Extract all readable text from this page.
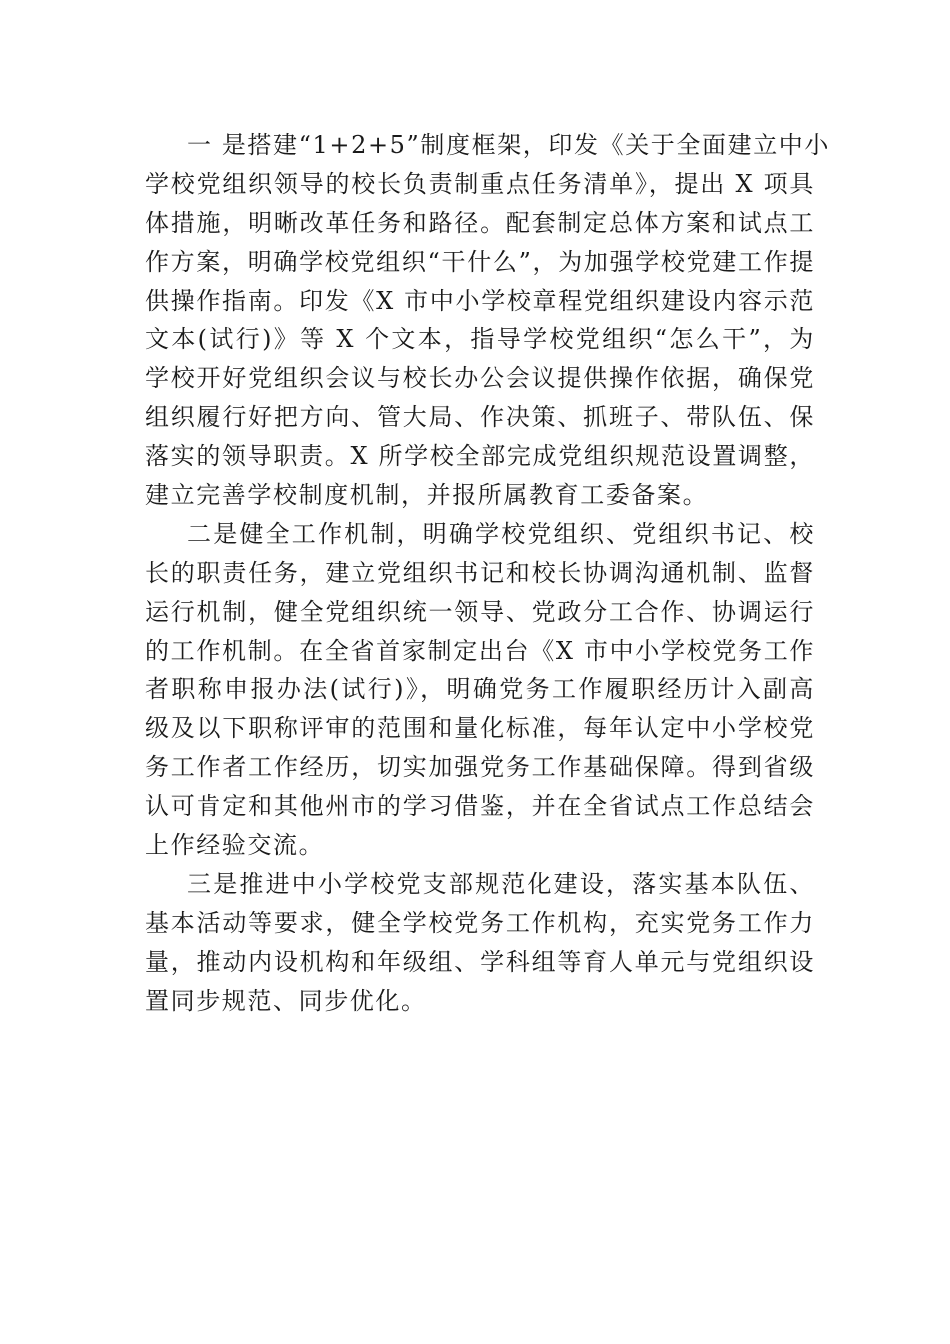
一 是搭建“1+2+5”制度框架，印发《关于全面建立中小
学校党组织领导的校长负责制重点任务清单》，提出 X 项具
体措施，明晰改革任务和路径。配套制定总体方案和试点工
作方案，明确学校党组织“干什么”，为加强学校党建工作提
供操作指南。印发《X 市中小学校章程党组织建设内容示范
文本(试行)》等 X 个文本，指导学校党组织“怎么干”，为
学校开好党组织会议与校长办公会议提供操作依据，确保党
组织履行好把方向、管大局、作决策、抓班子、带队伍、保
落实的领导职责。X 所学校全部完成党组织规范设置调整，
建立完善学校制度机制，并报所属教育工委备案。
二是健全工作机制，明确学校党组织、党组织书记、校
长的职责任务，建立党组织书记和校长协调沟通机制、监督
运行机制，健全党组织统一领导、党政分工合作、协调运行
的工作机制。在全省首家制定出台《X 市中小学校党务工作
者职称申报办法(试行)》，明确党务工作履职经历计入副高
级及以下职称评审的范围和量化标准，每年认定中小学校党
务工作者工作经历，切实加强党务工作基础保障。得到省级
认可肯定和其他州市的学习借鉴，并在全省试点工作总结会
上作经验交流。
三是推进中小学校党支部规范化建设，落实基本队伍、
基本活动等要求，健全学校党务工作机构，充实党务工作力
量，推动内设机构和年级组、学科组等育人单元与党组织设
置同步规范、同步优化。
